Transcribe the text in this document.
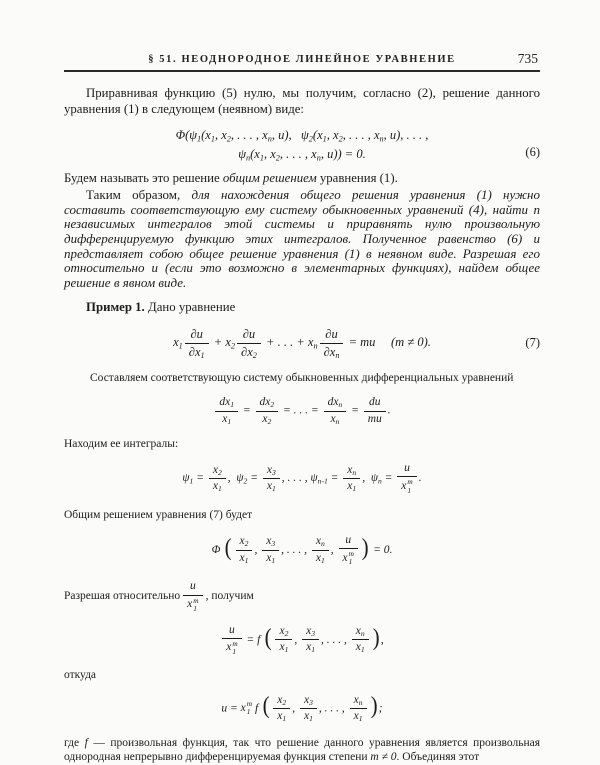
§ 51. НЕОДНОРОДНОЕ ЛИНЕЙНОЕ УРАВНЕНИЕ	735

Приравнивая функцию (5) нулю, мы получим, согласно (2), решение данного уравнения (1) в следующем (неявном) виде:

$\Phi(\psi_1(x_1$, $x_2$, . . . , $x_n$, u),   $\psi_2(x_1$, $x_2$, . . . , $x_n$, u), . . . ,
$\psi_n(x_1$, $x_2$, . . . , $x_n$, u)) = 0.	(6)

Будем называть это решение общим решением уравнения (1).

Таким образом, для нахождения общего решения уравнения (1) нужно составить соответствующую ему систему обыкновенных уравнений (4), найти n независимых интегралов этой системы и приравнять нулю произвольную дифференцируемую функцию этих интегралов. Полученное равенство (6) и представляет собою общее решение уравнения (1) в неявном виде. Разрешая его относительно u (если это возможно в элементарных функциях), найдем общее решение в явном виде.

Пример 1. Дано уравнение

$x_1 \frac{\partial u}{\partial x_1} + x_2 \frac{\partial u}{\partial x_2}$ + . . . + $x_n \frac{\partial u}{\partial x_n}$ = mu     (m ≠ 0).	(7)

Составляем соответствующую систему обыкновенных дифференциальных уравнений

$\frac{dx_1}{x_1} = \frac{dx_2}{x_2}$ = . . . = $\frac{dx_n}{x_n} = \frac{du}{mu}$ .

Находим ее интегралы:

$\psi_1 = \frac{x_2}{x_1}$ ,  $\psi_2 = \frac{x_3}{x_1}$ , . . . , $\psi_{n-1} = \frac{x_n}{x_1}$ ,  $\psi_n = u$
x m
1 .

Общим решением уравнения (7) будет

Φ ( $\frac{x_2}{x_1}$ , $\frac{x_3}{x_1}$ , . . . , $\frac{x_n}{x_1}$ , u
x m
1 ) = 0.

Разрешая относительно u
x m
1 , получим

u
x m
1 = f ( $\frac{x_2}{x_1}$ , $\frac{x_3}{x_1}$ , . . . , $\frac{x_n}{x_1}$ ) ,

откуда

u = x m
1 f ( $\frac{x_2}{x_1}$ , $\frac{x_3}{x_1}$ , . . . , $\frac{x_n}{x_1}$ ) ;

где f — произвольная функция, так что решение данного уравнения является произвольная однородная непрерывно дифференцируемая функция степени m ≠ 0. Объединяя этот
